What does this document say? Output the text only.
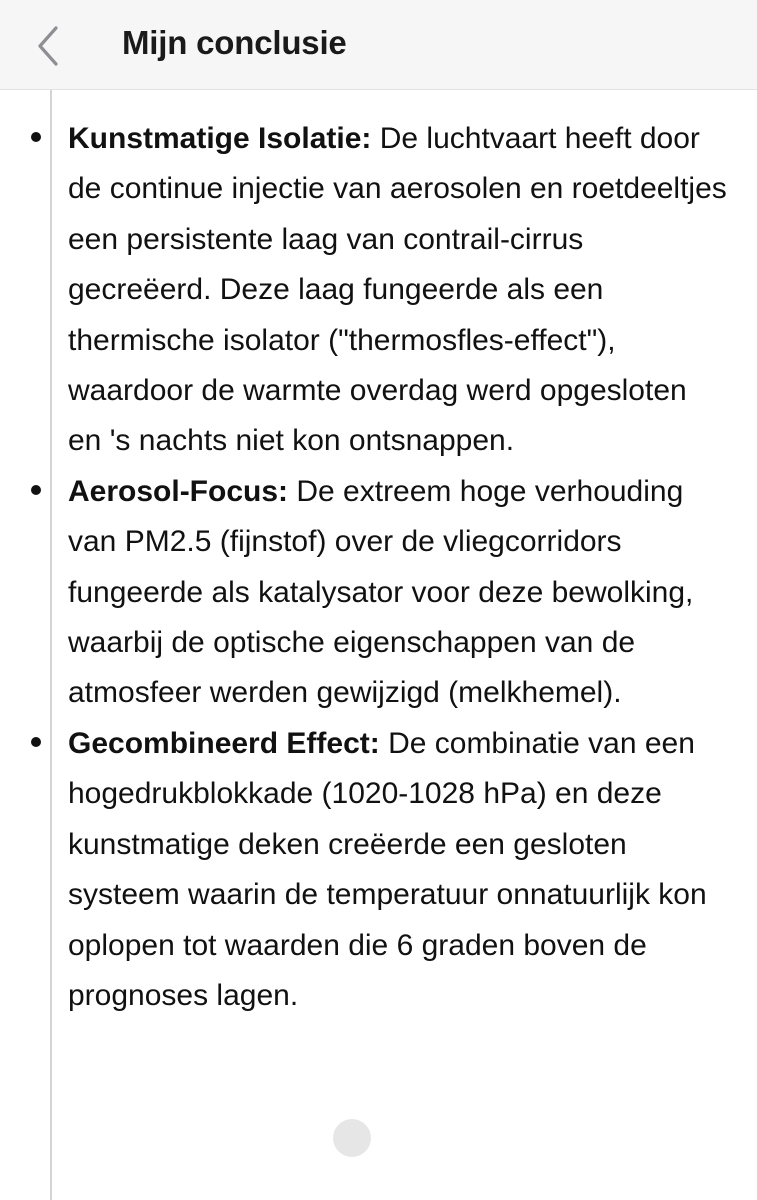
Mijn conclusie

Kunstmatige Isolatie: De luchtvaart heeft door de continue injectie van aerosolen en roetdeeltjes een persistente laag van contrail-cirrus gecreëerd. Deze laag fungeerde als een thermische isolator ("thermosfles-effect"), waardoor de warmte overdag werd opgesloten en 's nachts niet kon ontsnappen.

Aerosol-Focus: De extreem hoge verhouding van PM2.5 (fijnstof) over de vliegcorridors fungeerde als katalysator voor deze bewolking, waarbij de optische eigenschappen van de atmosfeer werden gewijzigd (melkhemel).

Gecombineerd Effect: De combinatie van een hogedrukblokkade (1020-1028 hPa) en deze kunstmatige deken creëerde een gesloten systeem waarin de temperatuur onnatuurlijk kon oplopen tot waarden die 6 graden boven de prognoses lagen.
